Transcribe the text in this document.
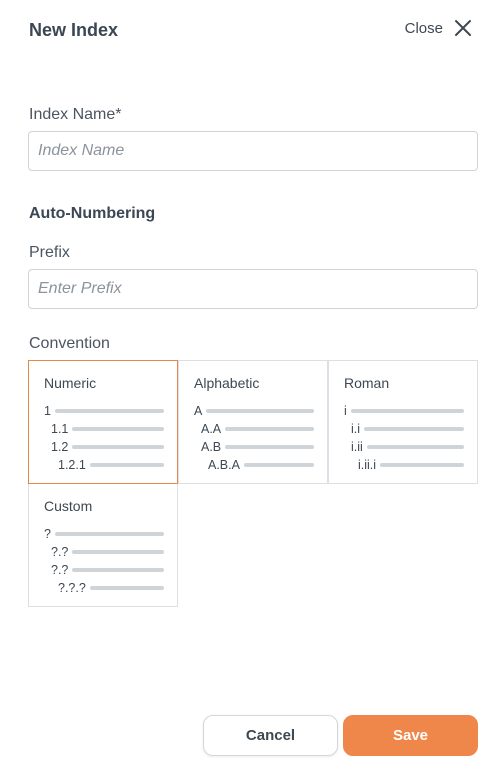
New Index	Close
Index Name*
Index Name
Auto-Numbering
Prefix
Enter Prefix
Convention
Numeric
1
1.1
1.2
1.2.1
Alphabetic
A
A.A
A.B
A.B.A
Roman
i
i.i
i.ii
i.ii.i
Custom
?
?.?
?.?
?.?.?
Cancel	Save
